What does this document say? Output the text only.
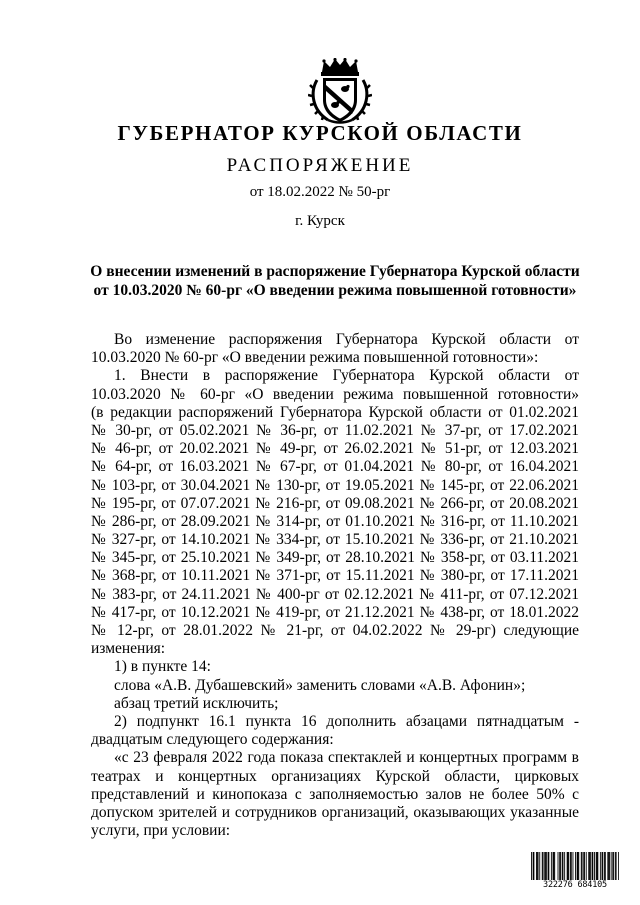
ГУБЕРНАТОР КУРСКОЙ ОБЛАСТИ
РАСПОРЯЖЕНИЕ
от 18.02.2022 № 50-рг
г. Курск
О внесении изменений в распоряжение Губернатора Курской области
от 10.03.2020 № 60-рг «О введении режима повышенной готовности»
Во изменение распоряжения Губернатора Курской области от
10.03.2020 № 60-рг «О введении режима повышенной готовности»:
1. Внести в распоряжение Губернатора Курской области от
10.03.2020 № 60-рг «О введении режима повышенной готовности»
(в редакции распоряжений Губернатора Курской области от 01.02.2021
№ 30-рг, от 05.02.2021 № 36-рг, от 11.02.2021 № 37-рг, от 17.02.2021
№ 46-рг, от 20.02.2021 № 49-рг, от 26.02.2021 № 51-рг, от 12.03.2021
№ 64-рг, от 16.03.2021 № 67-рг, от 01.04.2021 № 80-рг, от 16.04.2021
№ 103-рг, от 30.04.2021 № 130-рг, от 19.05.2021 № 145-рг, от 22.06.2021
№ 195-рг, от 07.07.2021 № 216-рг, от 09.08.2021 № 266-рг, от 20.08.2021
№ 286-рг, от 28.09.2021 № 314-рг, от 01.10.2021 № 316-рг, от 11.10.2021
№ 327-рг, от 14.10.2021 № 334-рг, от 15.10.2021 № 336-рг, от 21.10.2021
№ 345-рг, от 25.10.2021 № 349-рг, от 28.10.2021 № 358-рг, от 03.11.2021
№ 368-рг, от 10.11.2021 № 371-рг, от 15.11.2021 № 380-рг, от 17.11.2021
№ 383-рг, от 24.11.2021 № 400-рг от 02.12.2021 № 411-рг, от 07.12.2021
№ 417-рг, от 10.12.2021 № 419-рг, от 21.12.2021 № 438-рг, от 18.01.2022
№ 12-рг, от 28.01.2022 № 21-рг, от 04.02.2022 № 29-рг) следующие
изменения:
1) в пункте 14:
слова «А.В. Дубашевский» заменить словами «А.В. Афонин»;
абзац третий исключить;
2) подпункт 16.1 пункта 16 дополнить абзацами пятнадцатым -
двадцатым следующего содержания:
«с 23 февраля 2022 года показа спектаклей и концертных программ в
театрах и концертных организациях Курской области, цирковых
представлений и кинопоказа с заполняемостью залов не более 50% с
допуском зрителей и сотрудников организаций, оказывающих указанные
услуги, при условии:
322276 684105
